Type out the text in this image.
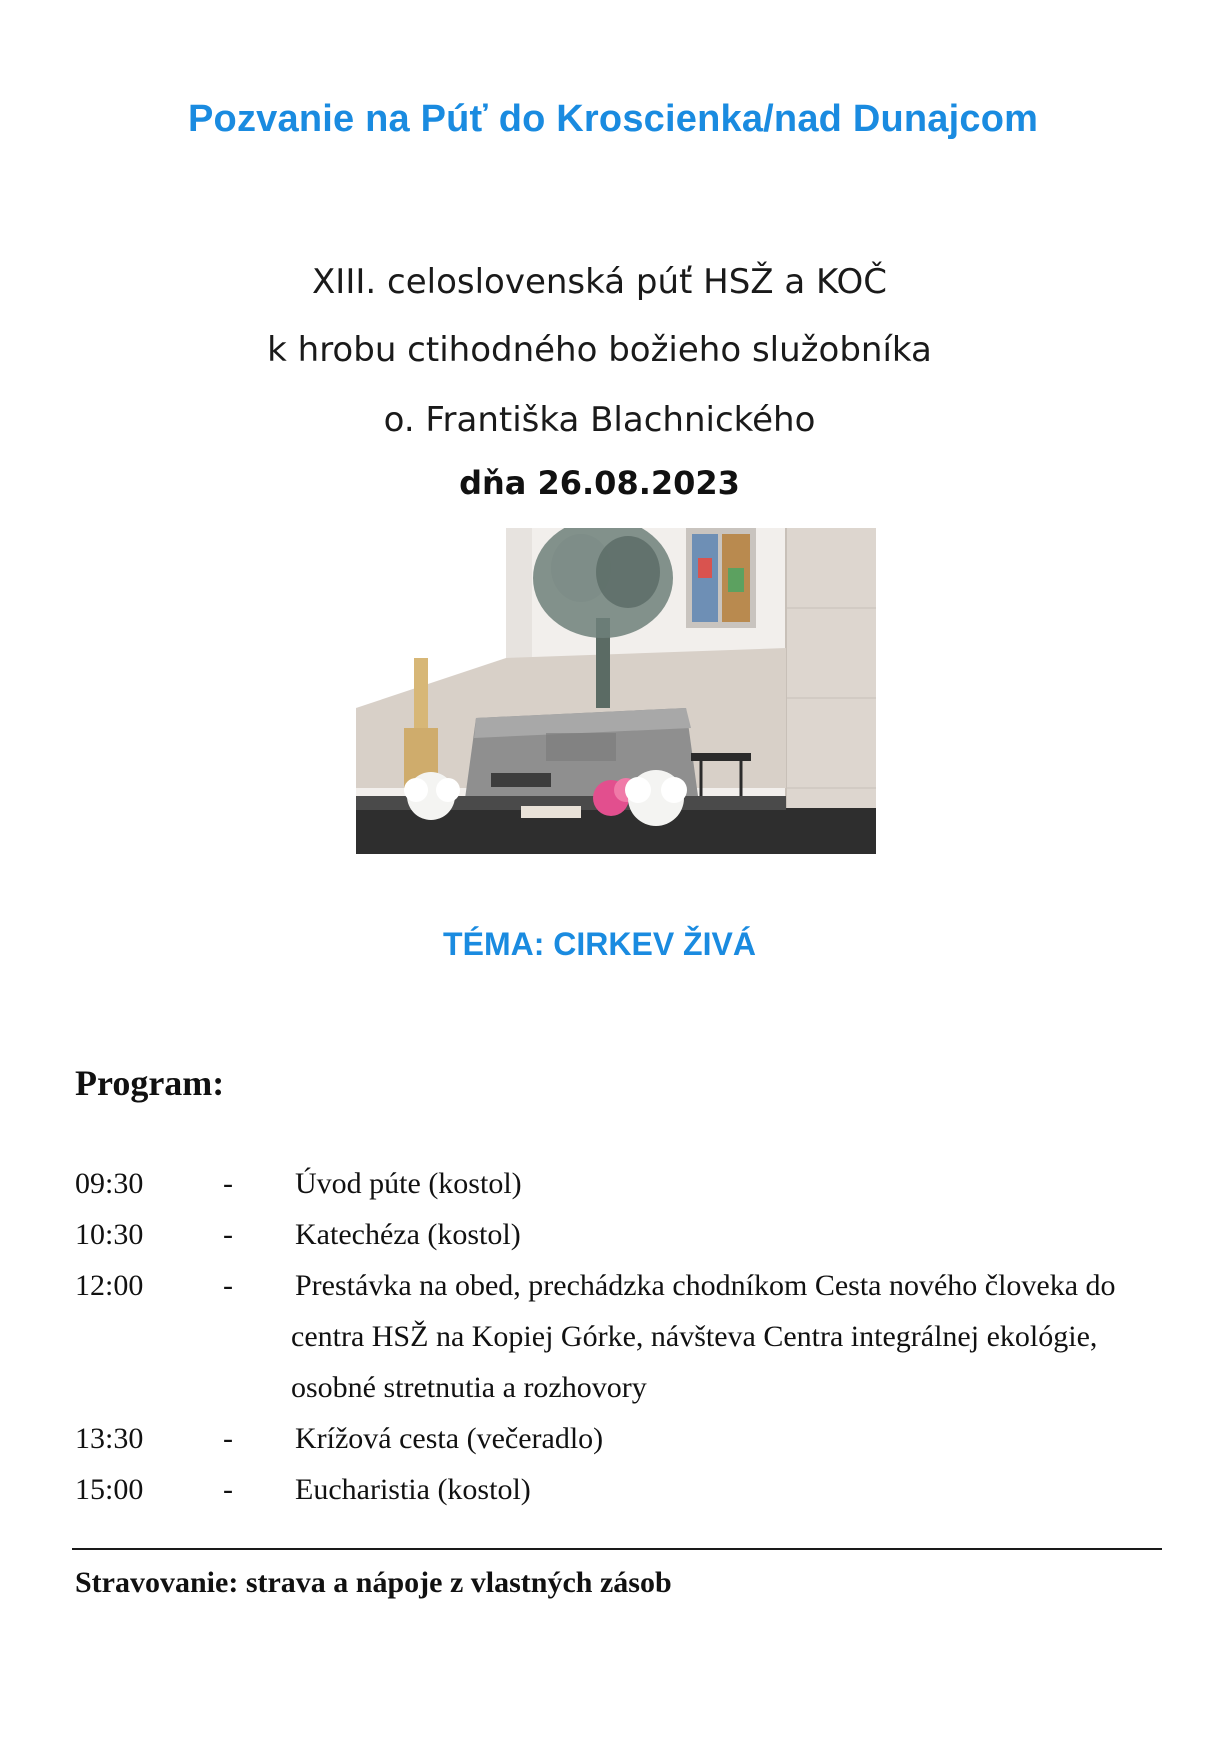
Pozvanie na Púť do Kroscienka/nad Dunajcom
XIII. celoslovenská púť HSŽ a KOČ
k hrobu ctihodného božieho služobníka
o. Františka Blachnického
dňa 26.08.2023
TÉMA: CIRKEV ŽIVÁ
Program:
09:30	- Úvod púte (kostol)
10:30	- Katechéza (kostol)
12:00	- Prestávka na obed, prechádzka chodníkom Cesta nového človeka do centra HSŽ na Kopiej Górke, návšteva Centra integrálnej ekológie, osobné stretnutia a rozhovory
13:30	- Krížová cesta (večeradlo)
15:00	- Eucharistia (kostol)
Stravovanie: strava a nápoje z vlastných zásob
